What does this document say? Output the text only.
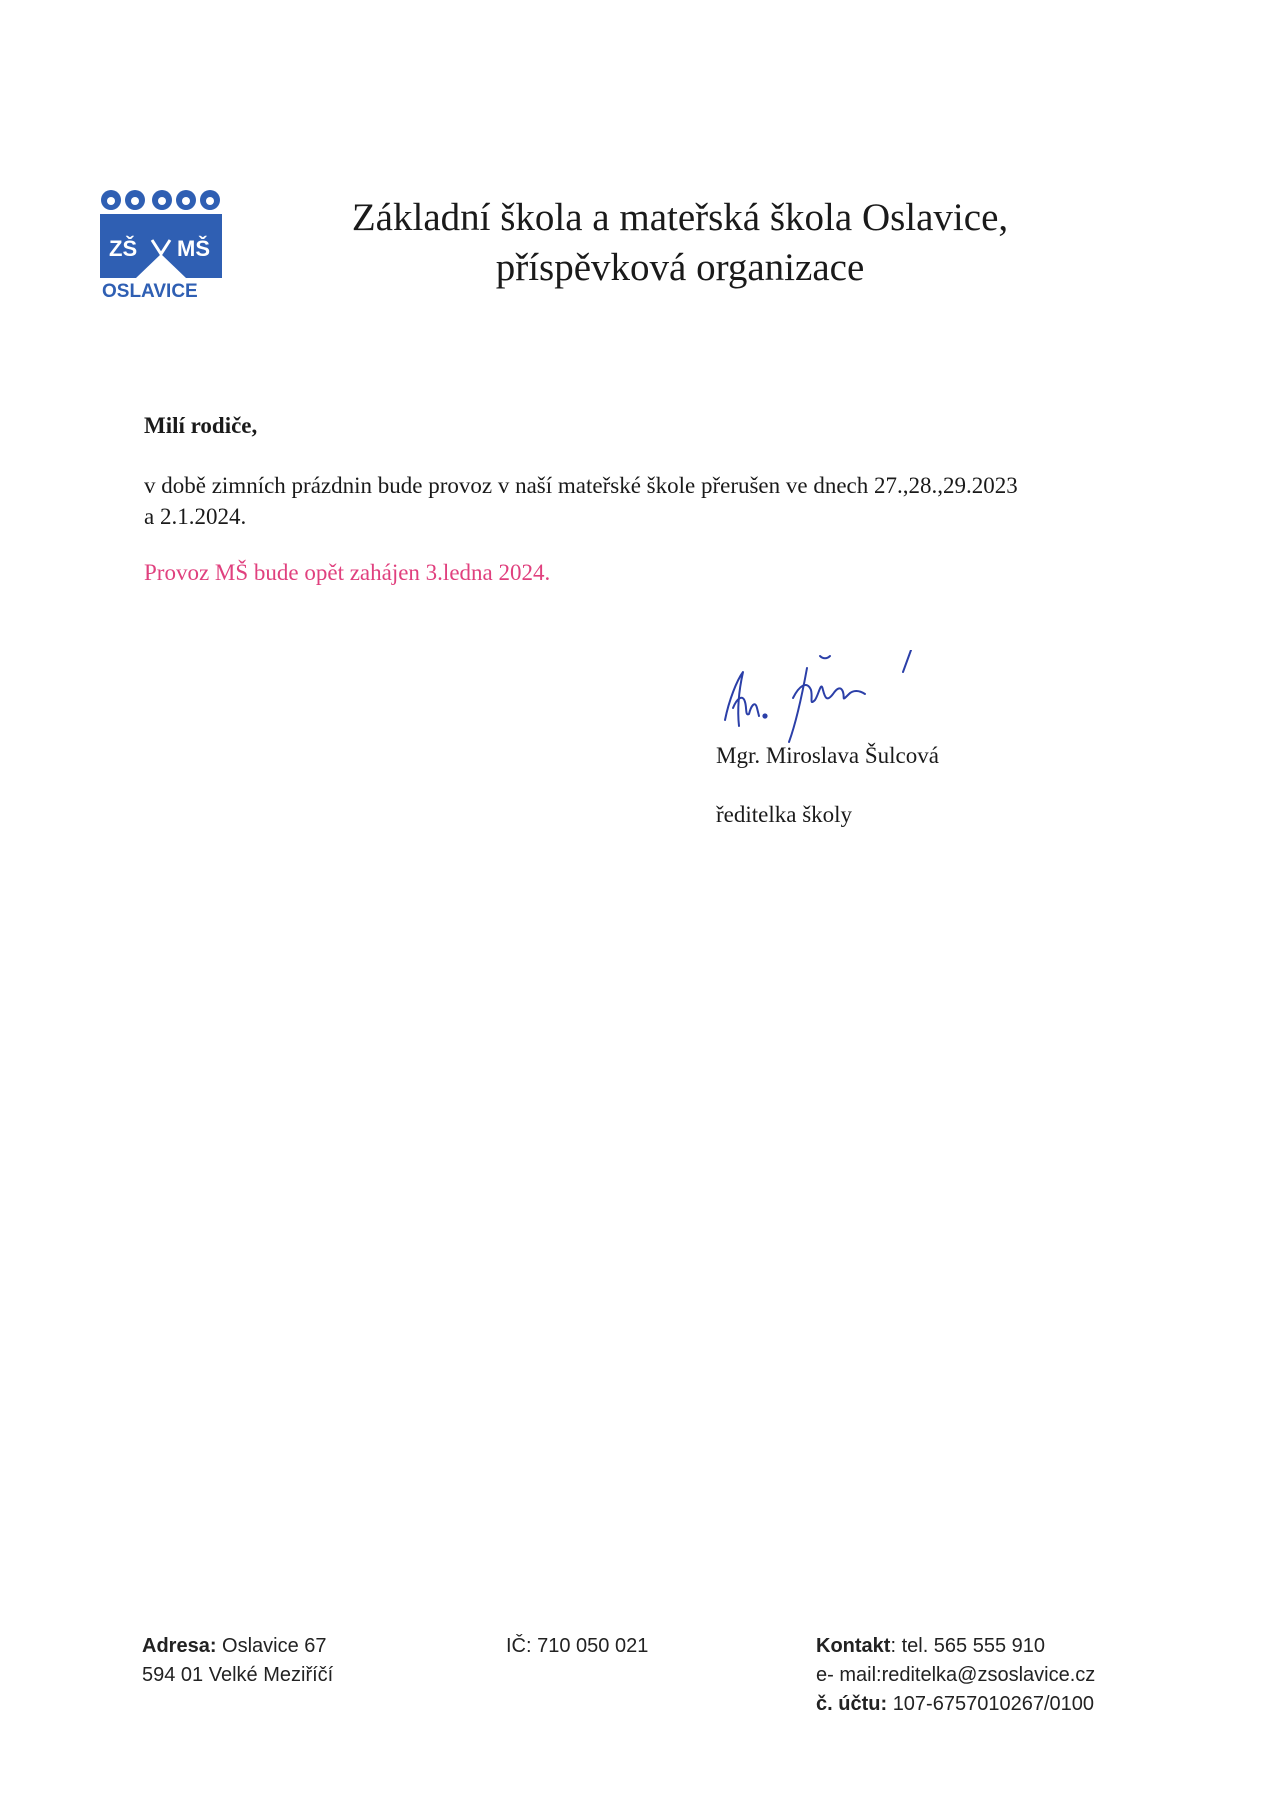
ZŠ MŠ
a
OSLAVICE
Základní škola a mateřská škola Oslavice,
příspěvková organizace
Milí rodiče,
v době zimních prázdnin bude provoz v naší mateřské škole přerušen ve dnech 27.,28.,29.2023
a 2.1.2024.
Provoz MŠ bude opět zahájen 3.ledna 2024.
Mgr. Miroslava Šulcová
ředitelka školy
Adresa: Oslavice 67
594 01 Velké Meziříčí
IČ: 710 050 021	Kontakt: tel. 565 555 910
e- mail:reditelka@zsoslavice.cz
č. účtu: 107-6757010267/0100
